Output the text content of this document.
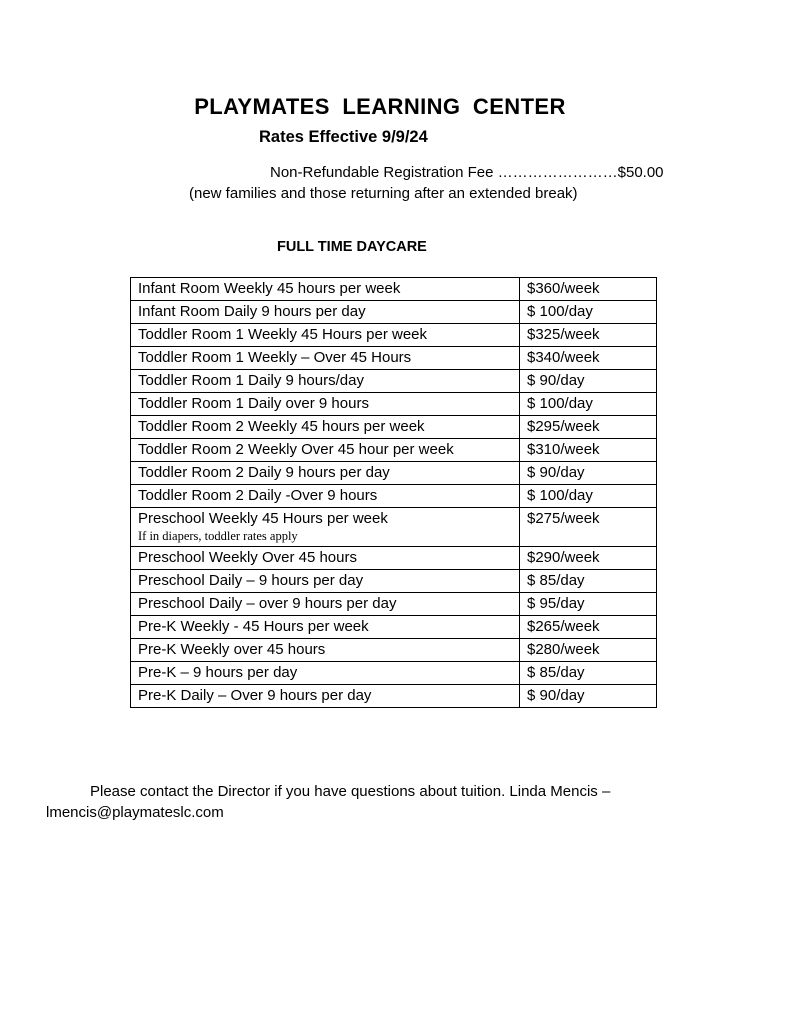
PLAYMATES LEARNING CENTER
Rates Effective 9/9/24
Non-Refundable Registration Fee ……………………$50.00
(new families and those returning after an extended break)
FULL TIME DAYCARE
Infant Room Weekly 45 hours per week	$360/week
Infant Room Daily 9 hours per day	$ 100/day
Toddler Room 1 Weekly 45 Hours per week	$325/week
Toddler Room 1 Weekly – Over 45 Hours	$340/week
Toddler Room 1 Daily 9 hours/day	$ 90/day
Toddler Room 1 Daily over 9 hours	$ 100/day
Toddler Room 2 Weekly 45 hours per week	$295/week
Toddler Room 2 Weekly Over 45 hour per week	$310/week
Toddler Room 2 Daily 9 hours per day	$ 90/day
Toddler Room 2 Daily -Over 9 hours	$ 100/day
Preschool Weekly 45 Hours per week
If in diapers, toddler rates apply	$275/week
Preschool Weekly Over 45 hours	$290/week
Preschool Daily – 9 hours per day	$ 85/day
Preschool Daily – over 9 hours per day	$ 95/day
Pre-K Weekly - 45 Hours per week	$265/week
Pre-K Weekly over 45 hours	$280/week
Pre-K – 9 hours per day	$ 85/day
Pre-K Daily – Over 9 hours per day	$ 90/day
Please contact the Director if you have questions about tuition. Linda Mencis – lmencis@playmateslc.com
